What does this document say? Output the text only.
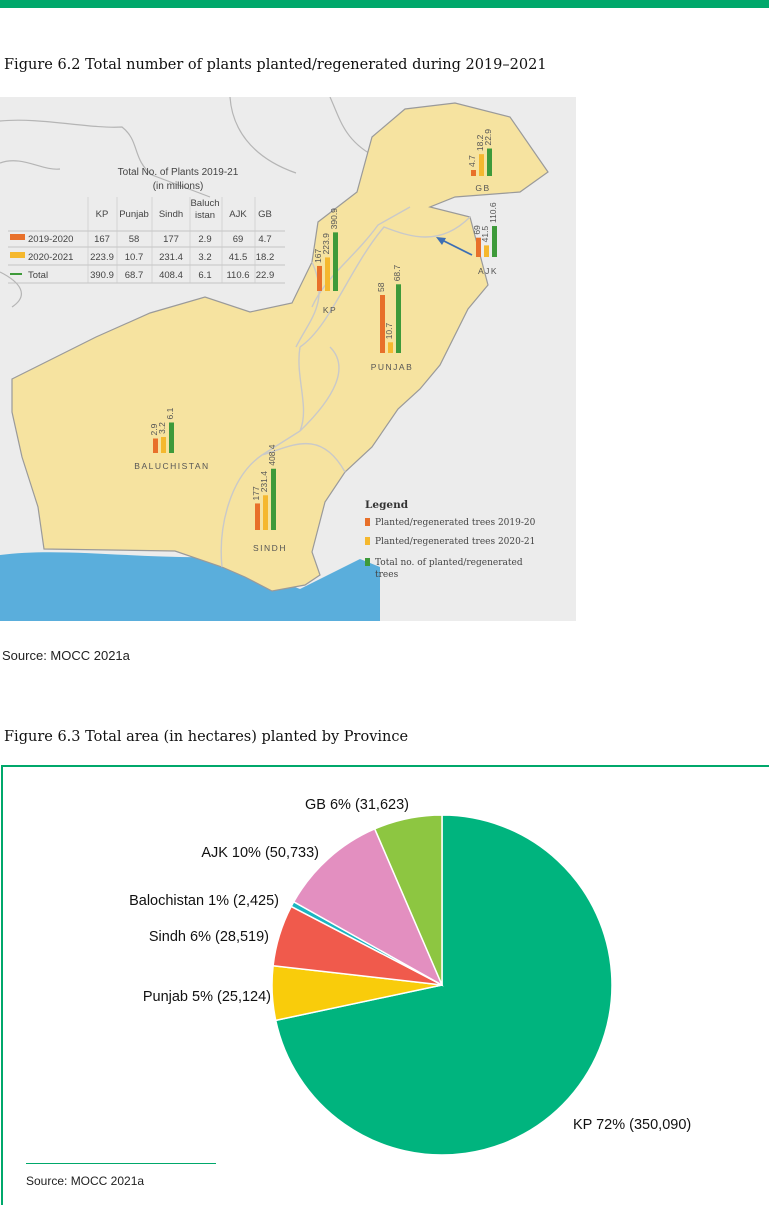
Figure 6.2 Total number of plants planted/regenerated during 2019–2021
Total No. of Plants 2019-21
(in millions)
KP Punjab Sindh
Baluch
istan AJK GB
2019-2020 167 58	177 2.9 69 4.7
2020-2021 223.9 10.7 231.4 3.2 41.5 18.2
Total	390.9 68.7 408.4 6.1 110.6 22.9
167
223.9
390.9
KP
58
10.7
68.7
PUNJAB
177
231.4
408.4
SINDH
2.9
3.2
6.1
BALUCHISTAN
69
41.5
110.6
AJK
4.7
18.2
22.9
GB
Legend
Planted/regenerated trees 2019-20
Planted/regenerated trees 2020-21
Total no. of planted/regenerated
trees
Source: MOCC 2021a
Figure 6.3 Total area (in hectares) planted by Province
KP 72% (350,090)
Punjab 5% (25,124)
Sindh 6% (28,519)
Balochistan 1% (2,425)
AJK 10% (50,733)
GB 6% (31,623)
Source: MOCC 2021a
